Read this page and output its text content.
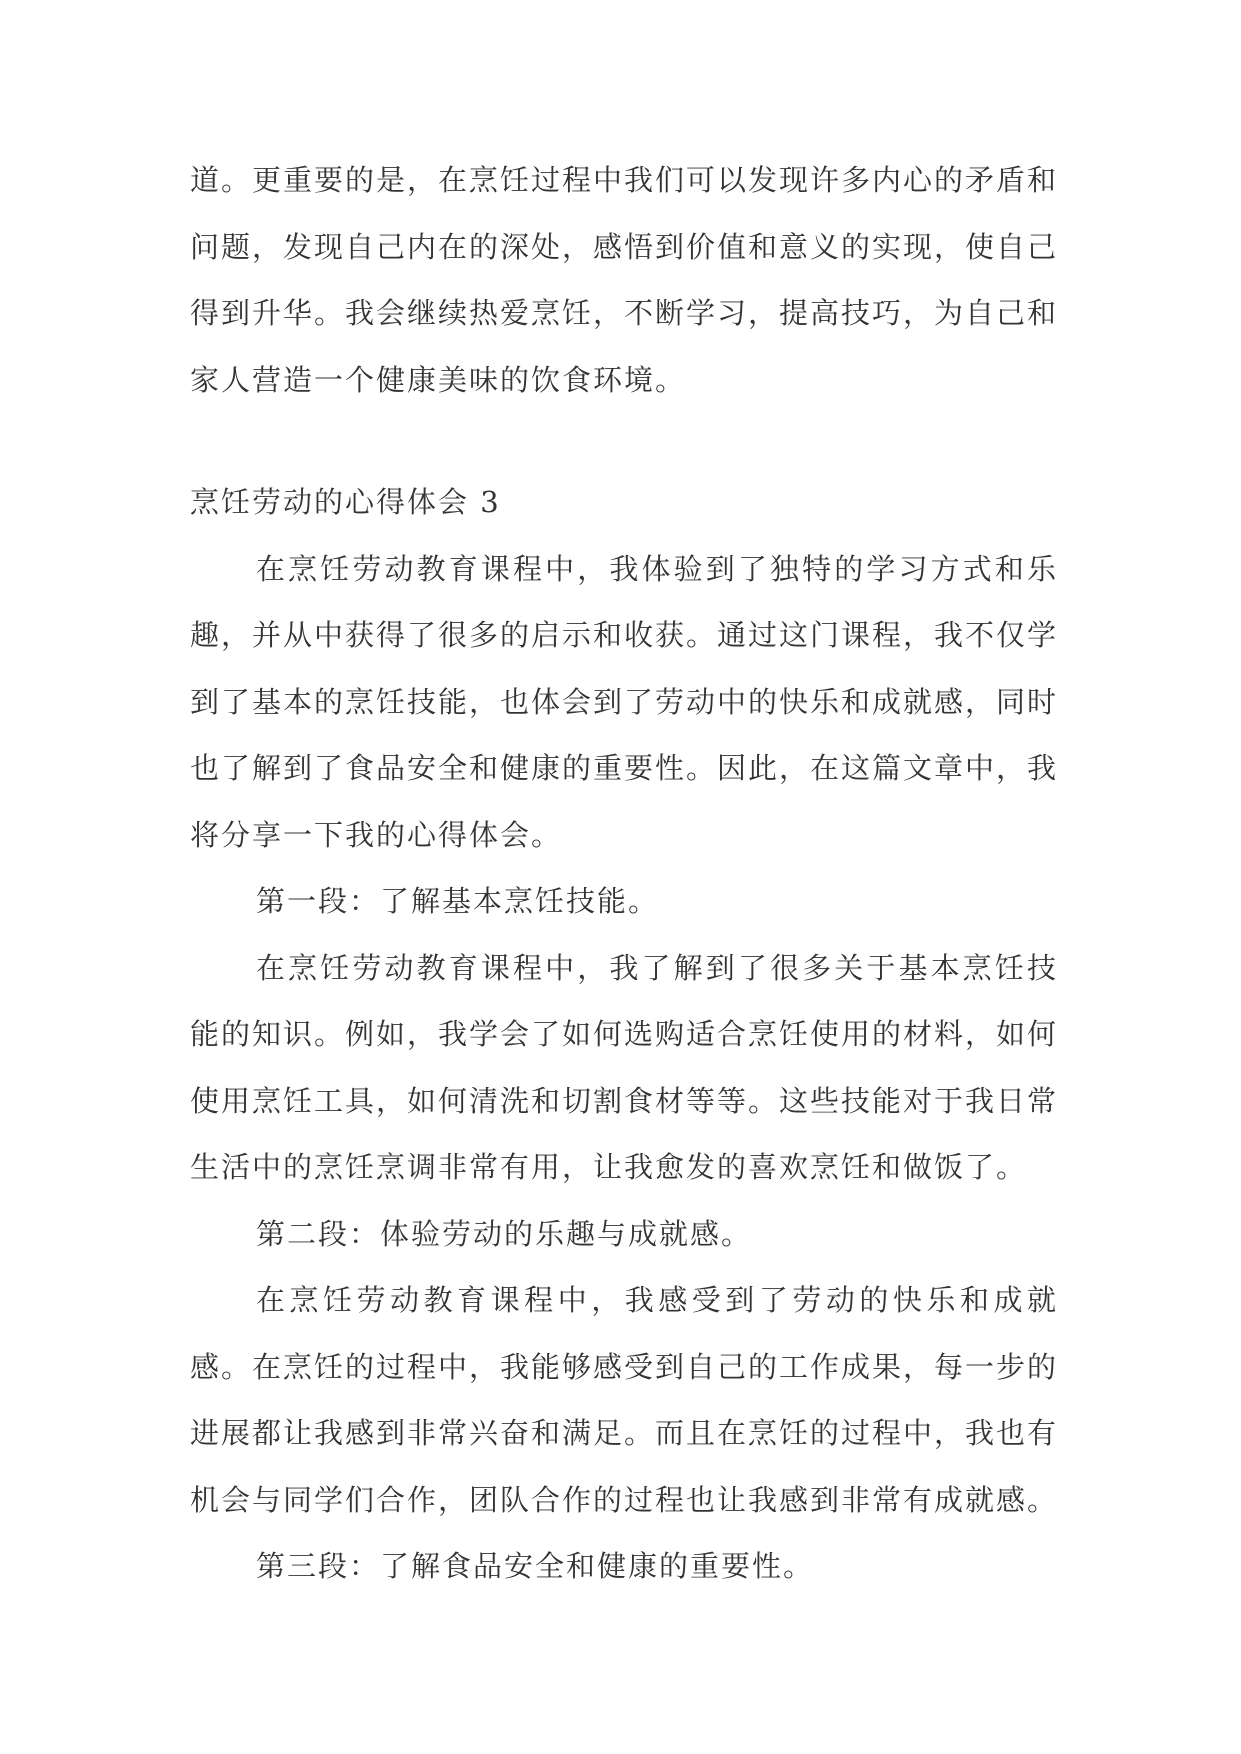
道。更重要的是，在烹饪过程中我们可以发现许多内心的矛盾和问题，发现自己内在的深处，感悟到价值和意义的实现，使自己得到升华。我会继续热爱烹饪，不断学习，提高技巧，为自己和家人营造一个健康美味的饮食环境。

烹饪劳动的心得体会 3

在烹饪劳动教育课程中，我体验到了独特的学习方式和乐趣，并从中获得了很多的启示和收获。通过这门课程，我不仅学到了基本的烹饪技能，也体会到了劳动中的快乐和成就感，同时也了解到了食品安全和健康的重要性。因此，在这篇文章中，我将分享一下我的心得体会。

第一段：了解基本烹饪技能。

在烹饪劳动教育课程中，我了解到了很多关于基本烹饪技能的知识。例如，我学会了如何选购适合烹饪使用的材料，如何使用烹饪工具，如何清洗和切割食材等等。这些技能对于我日常生活中的烹饪烹调非常有用，让我愈发的喜欢烹饪和做饭了。

第二段：体验劳动的乐趣与成就感。

在烹饪劳动教育课程中，我感受到了劳动的快乐和成就感。在烹饪的过程中，我能够感受到自己的工作成果，每一步的进展都让我感到非常兴奋和满足。而且在烹饪的过程中，我也有机会与同学们合作，团队合作的过程也让我感到非常有成就感。

第三段：了解食品安全和健康的重要性。
